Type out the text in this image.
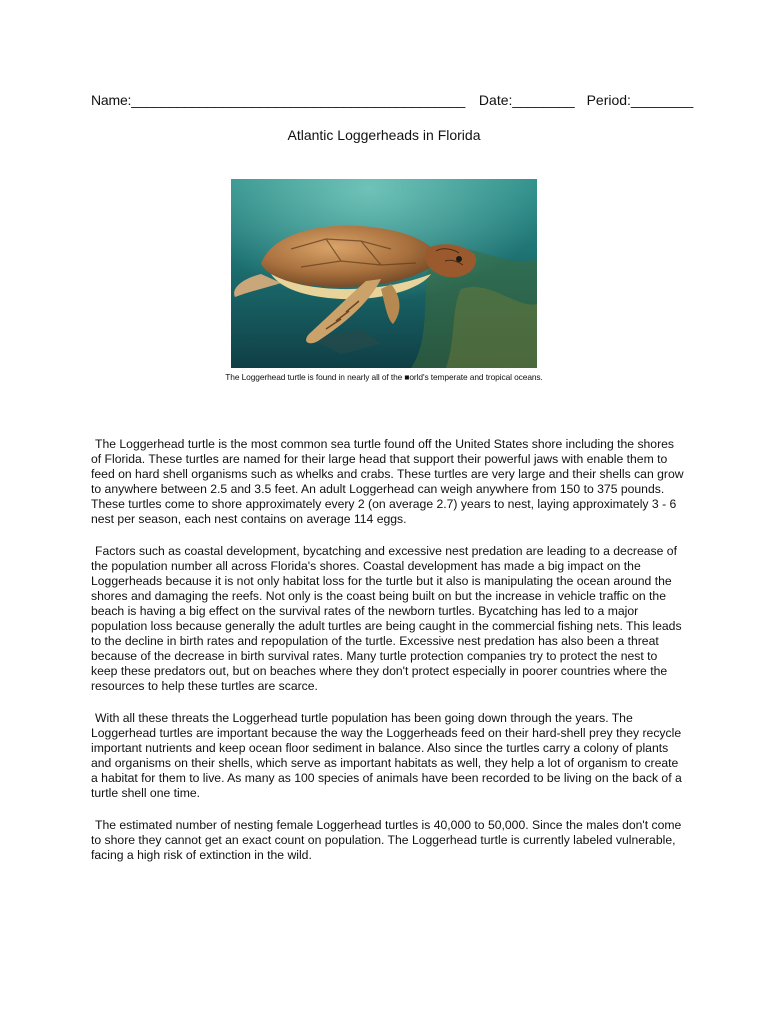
Name:____________________________________________ Date:________ Period:________
Atlantic Loggerheads in Florida
The Loggerhead turtle is found in nearly all of the ■orld's temperate and tropical oceans.

The Loggerhead turtle is the most common sea turtle found off the United States shore including the shores of Florida. These turtles are named for their large head that support their powerful jaws with enable them to feed on hard shell organisms such as whelks and crabs. These turtles are very large and their shells can grow to anywhere between 2.5 and 3.5 feet. An adult Loggerhead can weigh anywhere from 150 to 375 pounds. These turtles come to shore approximately every 2 (on average 2.7) years to nest, laying approximately 3 - 6 nest per season, each nest contains on average 114 eggs.

Factors such as coastal development, bycatching and excessive nest predation are leading to a decrease of the population number all across Florida's shores. Coastal development has made a big impact on the Loggerheads because it is not only habitat loss for the turtle but it also is manipulating the ocean around the shores and damaging the reefs. Not only is the coast being built on but the increase in vehicle traffic on the beach is having a big effect on the survival rates of the newborn turtles. Bycatching has led to a major population loss because generally the adult turtles are being caught in the commercial fishing nets. This leads to the decline in birth rates and repopulation of the turtle. Excessive nest predation has also been a threat because of the decrease in birth survival rates. Many turtle protection companies try to protect the nest to keep these predators out, but on beaches where they don't protect especially in poorer countries where the resources to help these turtles are scarce.

With all these threats the Loggerhead turtle population has been going down through the years. The Loggerhead turtles are important because the way the Loggerheads feed on their hard-shell prey they recycle important nutrients and keep ocean floor sediment in balance. Also since the turtles carry a colony of plants and organisms on their shells, which serve as important habitats as well, they help a lot of organism to create a habitat for them to live. As many as 100 species of animals have been recorded to be living on the back of a turtle shell one time.

The estimated number of nesting female Loggerhead turtles is 40,000 to 50,000. Since the males don't come to shore they cannot get an exact count on population. The Loggerhead turtle is currently labeled vulnerable, facing a high risk of extinction in the wild.
